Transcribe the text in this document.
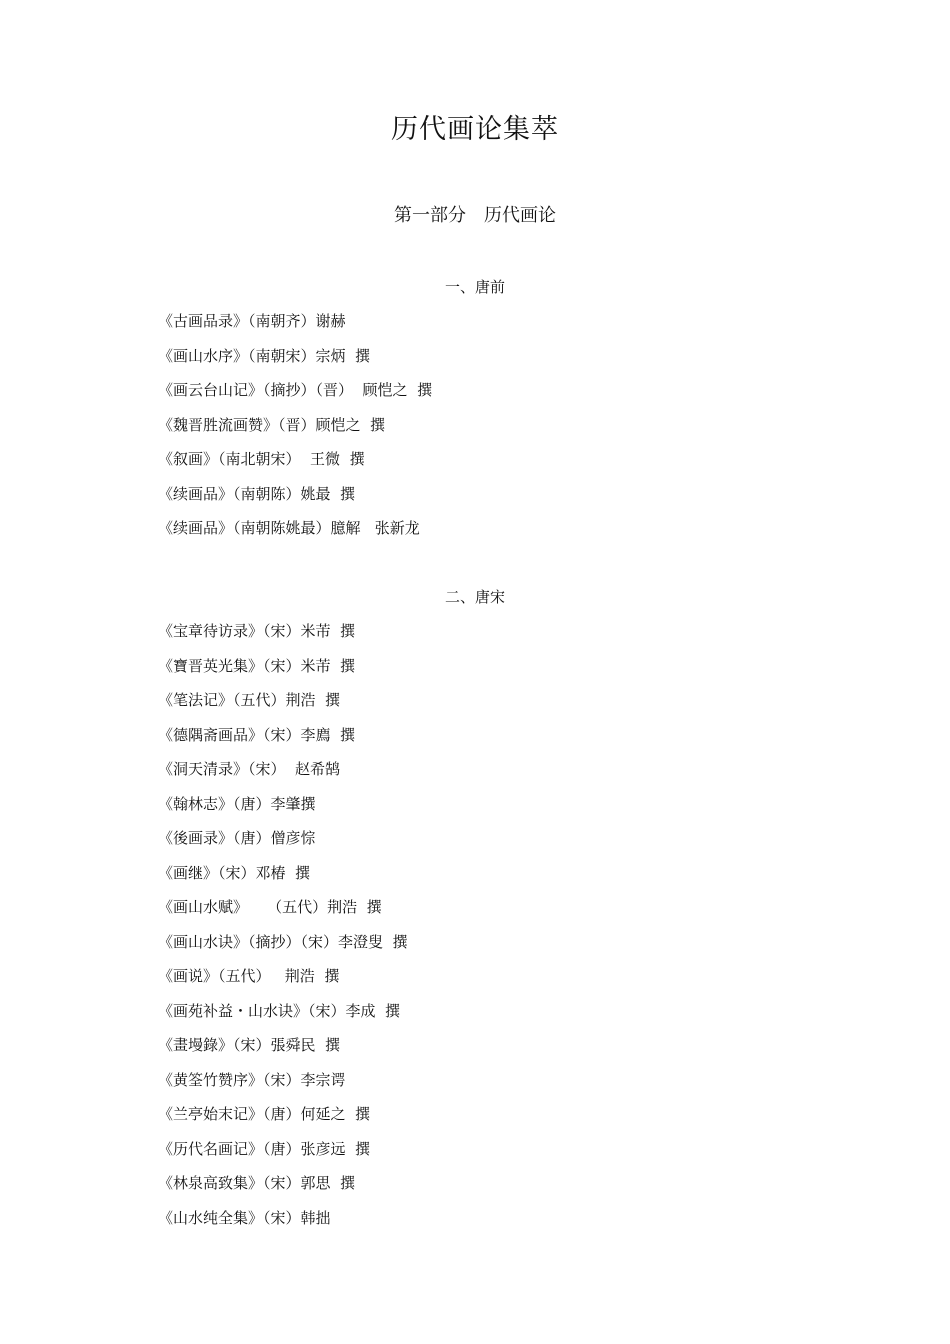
历代画论集萃
第一部分　历代画论
一、唐前
《古画品录》（南朝齐）谢赫
《画山水序》（南朝宋）宗炳  撰
《画云台山记》（摘抄）（晋）  顾恺之  撰
《魏晋胜流画赞》（晋）顾恺之  撰
《叙画》（南北朝宋）  王微  撰
《续画品》（南朝陈）姚最  撰
《续画品》（南朝陈姚最）臆解   张新龙
二、唐宋
《宝章待访录》（宋）米芾  撰
《寶晋英光集》（宋）米芾  撰
《笔法记》（五代）荆浩  撰
《德隅斋画品》（宋）李廌  撰
《洞天清录》（宋）  赵希鹄
《翰林志》（唐）李肇撰
《後画录》（唐）僧彦悰
《画继》（宋）邓椿  撰
《画山水赋》    （五代）荆浩  撰
《画山水诀》（摘抄）（宋）李澄叟  撰
《画说》（五代）   荆浩  撰
《画苑补益・山水诀》（宋）李成  撰
《畫墁錄》（宋）張舜民  撰
《黄筌竹赞序》（宋）李宗谔
《兰亭始末记》（唐）何延之  撰
《历代名画记》（唐）张彦远  撰
《林泉高致集》（宋）郭思  撰
《山水纯全集》（宋）韩拙
